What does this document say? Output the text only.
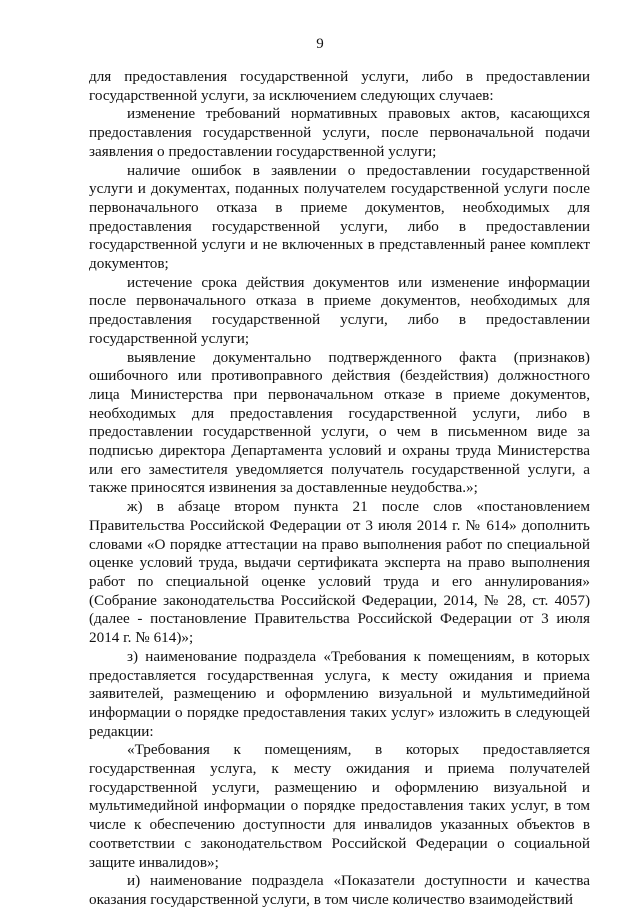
9

для предоставления государственной услуги, либо в предоставлении государственной услуги, за исключением следующих случаев:

изменение требований нормативных правовых актов, касающихся предоставления государственной услуги, после первоначальной подачи заявления о предоставлении государственной услуги;

наличие ошибок в заявлении о предоставлении государственной услуги и документах, поданных получателем государственной услуги после первоначального отказа в приеме документов, необходимых для предоставления государственной услуги, либо в предоставлении государственной услуги и не включенных в представленный ранее комплект документов;

истечение срока действия документов или изменение информации после первоначального отказа в приеме документов, необходимых для предоставления государственной услуги, либо в предоставлении государственной услуги;

выявление документально подтвержденного факта (признаков) ошибочного или противоправного действия (бездействия) должностного лица Министерства при первоначальном отказе в приеме документов, необходимых для предоставления государственной услуги, либо в предоставлении государственной услуги, о чем в письменном виде за подписью директора Департамента условий и охраны труда Министерства или его заместителя уведомляется получатель государственной услуги, а также приносятся извинения за доставленные неудобства.»;

ж) в абзаце втором пункта 21 после слов «постановлением Правительства Российской Федерации от 3 июля 2014 г. № 614» дополнить словами «О порядке аттестации на право выполнения работ по специальной оценке условий труда, выдачи сертификата эксперта на право выполнения работ по специальной оценке условий труда и его аннулирования» (Собрание законодательства Российской Федерации, 2014, № 28, ст. 4057) (далее - постановление Правительства Российской Федерации от 3 июля 2014 г. № 614)»;

з) наименование подраздела «Требования к помещениям, в которых предоставляется государственная услуга, к месту ожидания и приема заявителей, размещению и оформлению визуальной и мультимедийной информации о порядке предоставления таких услуг» изложить в следующей редакции:

«Требования к помещениям, в которых предоставляется государственная услуга, к месту ожидания и приема получателей государственной услуги, размещению и оформлению визуальной и мультимедийной информации о порядке предоставления таких услуг, в том числе к обеспечению доступности для инвалидов указанных объектов в соответствии с законодательством Российской Федерации о социальной защите инвалидов»;

и) наименование подраздела «Показатели доступности и качества оказания государственной услуги, в том числе количество взаимодействий
